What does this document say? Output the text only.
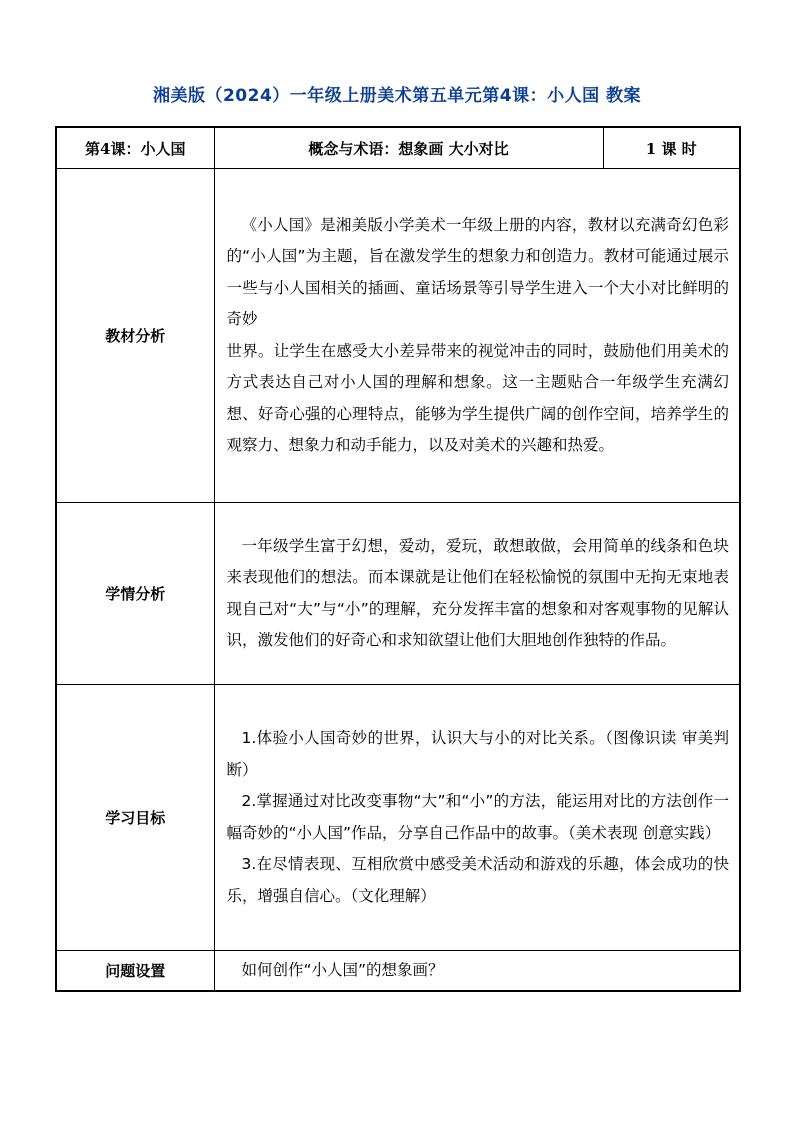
湘美版（2024）一年级上册美术第五单元第4课：小人国 教案
第4课：小人国	概念与术语：想象画 大小对比	1 课 时
教材分析	《小人国》是湘美版小学美术一年级上册的内容，教材以充满奇幻色彩的“小人国”为主题，旨在激发学生的想象力和创造力。教材可能通过展示一些与小人国相关的插画、童话场景等引导学生进入一个大小对比鲜明的奇妙

世界。让学生在感受大小差异带来的视觉冲击的同时，鼓励他们用美术的方式表达自己对小人国的理解和想象。这一主题贴合一年级学生充满幻想、好奇心强的心理特点，能够为学生提供广阔的创作空间，培养学生的观察力、想象力和动手能力，以及对美术的兴趣和热爱。	

学情分析	一年级学生富于幻想，爱动，爱玩，敢想敢做，会用简单的线条和色块来表现他们的想法。而本课就是让他们在轻松愉悦的氛围中无拘无束地表现自己对“大”与“小”的理解，充分发挥丰富的想象和对客观事物的见解认识，激发他们的好奇心和求知欲望让他们大胆地创作独特的作品。	

学习目标	1.体验小人国奇妙的世界，认识大与小的对比关系。（图像识读 审美判断）

2.掌握通过对比改变事物“大”和“小”的方法，能运用对比的方法创作一幅奇妙的“小人国”作品，分享自己作品中的故事。（美术表现 创意实践）

3.在尽情表现、互相欣赏中感受美术活动和游戏的乐趣，体会成功的快乐，增强自信心。（文化理解）	

问题设置	如何创作“小人国”的想象画？	
